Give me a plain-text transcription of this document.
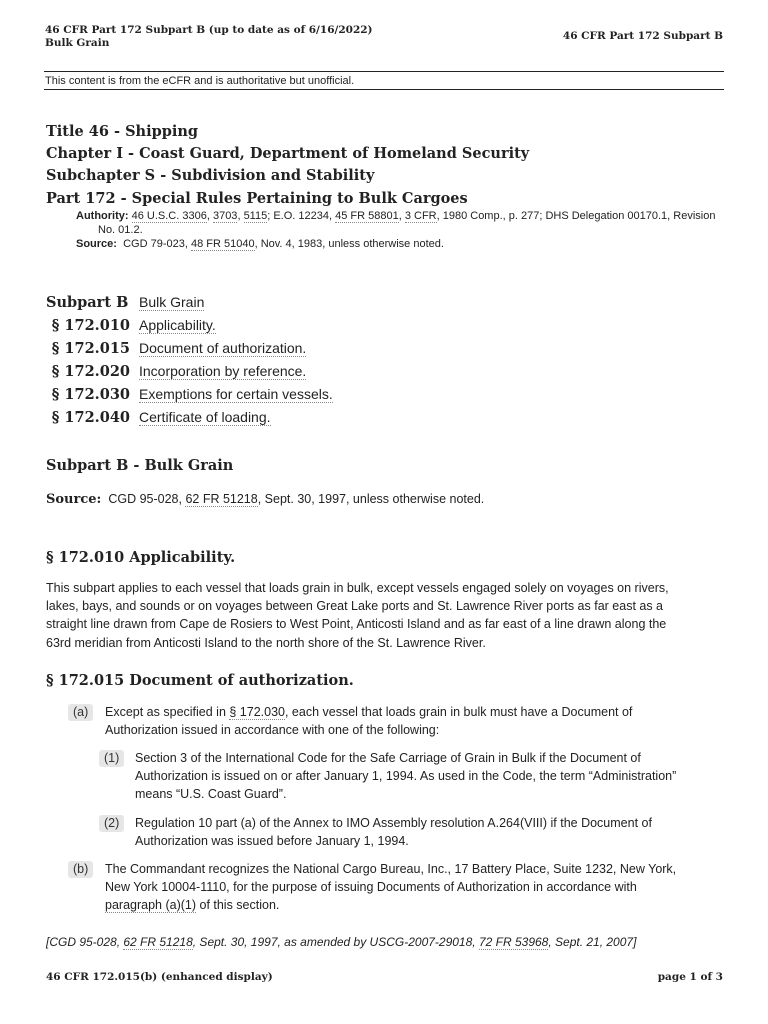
46 CFR Part 172 Subpart B (up to date as of 6/16/2022)
Bulk Grain
46 CFR Part 172 Subpart B
This content is from the eCFR and is authoritative but unofficial.
Title 46 - Shipping
Chapter I - Coast Guard, Department of Homeland Security
Subchapter S - Subdivision and Stability
Part 172 - Special Rules Pertaining to Bulk Cargoes
Authority: 46 U.S.C. 3306, 3703, 5115; E.O. 12234, 45 FR 58801, 3 CFR, 1980 Comp., p. 277; DHS Delegation 00170.1, Revision
No. 01.2.
Source: CGD 79-023, 48 FR 51040, Nov. 4, 1983, unless otherwise noted.
Subpart B Bulk Grain
§ 172.010 Applicability.
§ 172.015 Document of authorization.
§ 172.020 Incorporation by reference.
§ 172.030 Exemptions for certain vessels.
§ 172.040 Certificate of loading.
Subpart B - Bulk Grain
Source: CGD 95-028, 62 FR 51218, Sept. 30, 1997, unless otherwise noted.
§ 172.010 Applicability.
This subpart applies to each vessel that loads grain in bulk, except vessels engaged solely on voyages on rivers,
lakes, bays, and sounds or on voyages between Great Lake ports and St. Lawrence River ports as far east as a
straight line drawn from Cape de Rosiers to West Point, Anticosti Island and as far east of a line drawn along the
63rd meridian from Anticosti Island to the north shore of the St. Lawrence River.
§ 172.015 Document of authorization.
(a)	Except as specified in § 172.030, each vessel that loads grain in bulk must have a Document of
Authorization issued in accordance with one of the following:
(1)	Section 3 of the International Code for the Safe Carriage of Grain in Bulk if the Document of
Authorization is issued on or after January 1, 1994. As used in the Code, the term “Administration”
means “U.S. Coast Guard”.
(2)	Regulation 10 part (a) of the Annex to IMO Assembly resolution A.264(VIII) if the Document of
Authorization was issued before January 1, 1994.
(b)	The Commandant recognizes the National Cargo Bureau, Inc., 17 Battery Place, Suite 1232, New York,
New York 10004-1110, for the purpose of issuing Documents of Authorization in accordance with
paragraph (a)(1) of this section.
[CGD 95-028, 62 FR 51218, Sept. 30, 1997, as amended by USCG-2007-29018, 72 FR 53968, Sept. 21, 2007]
46 CFR 172.015(b) (enhanced display)	page 1 of 3
